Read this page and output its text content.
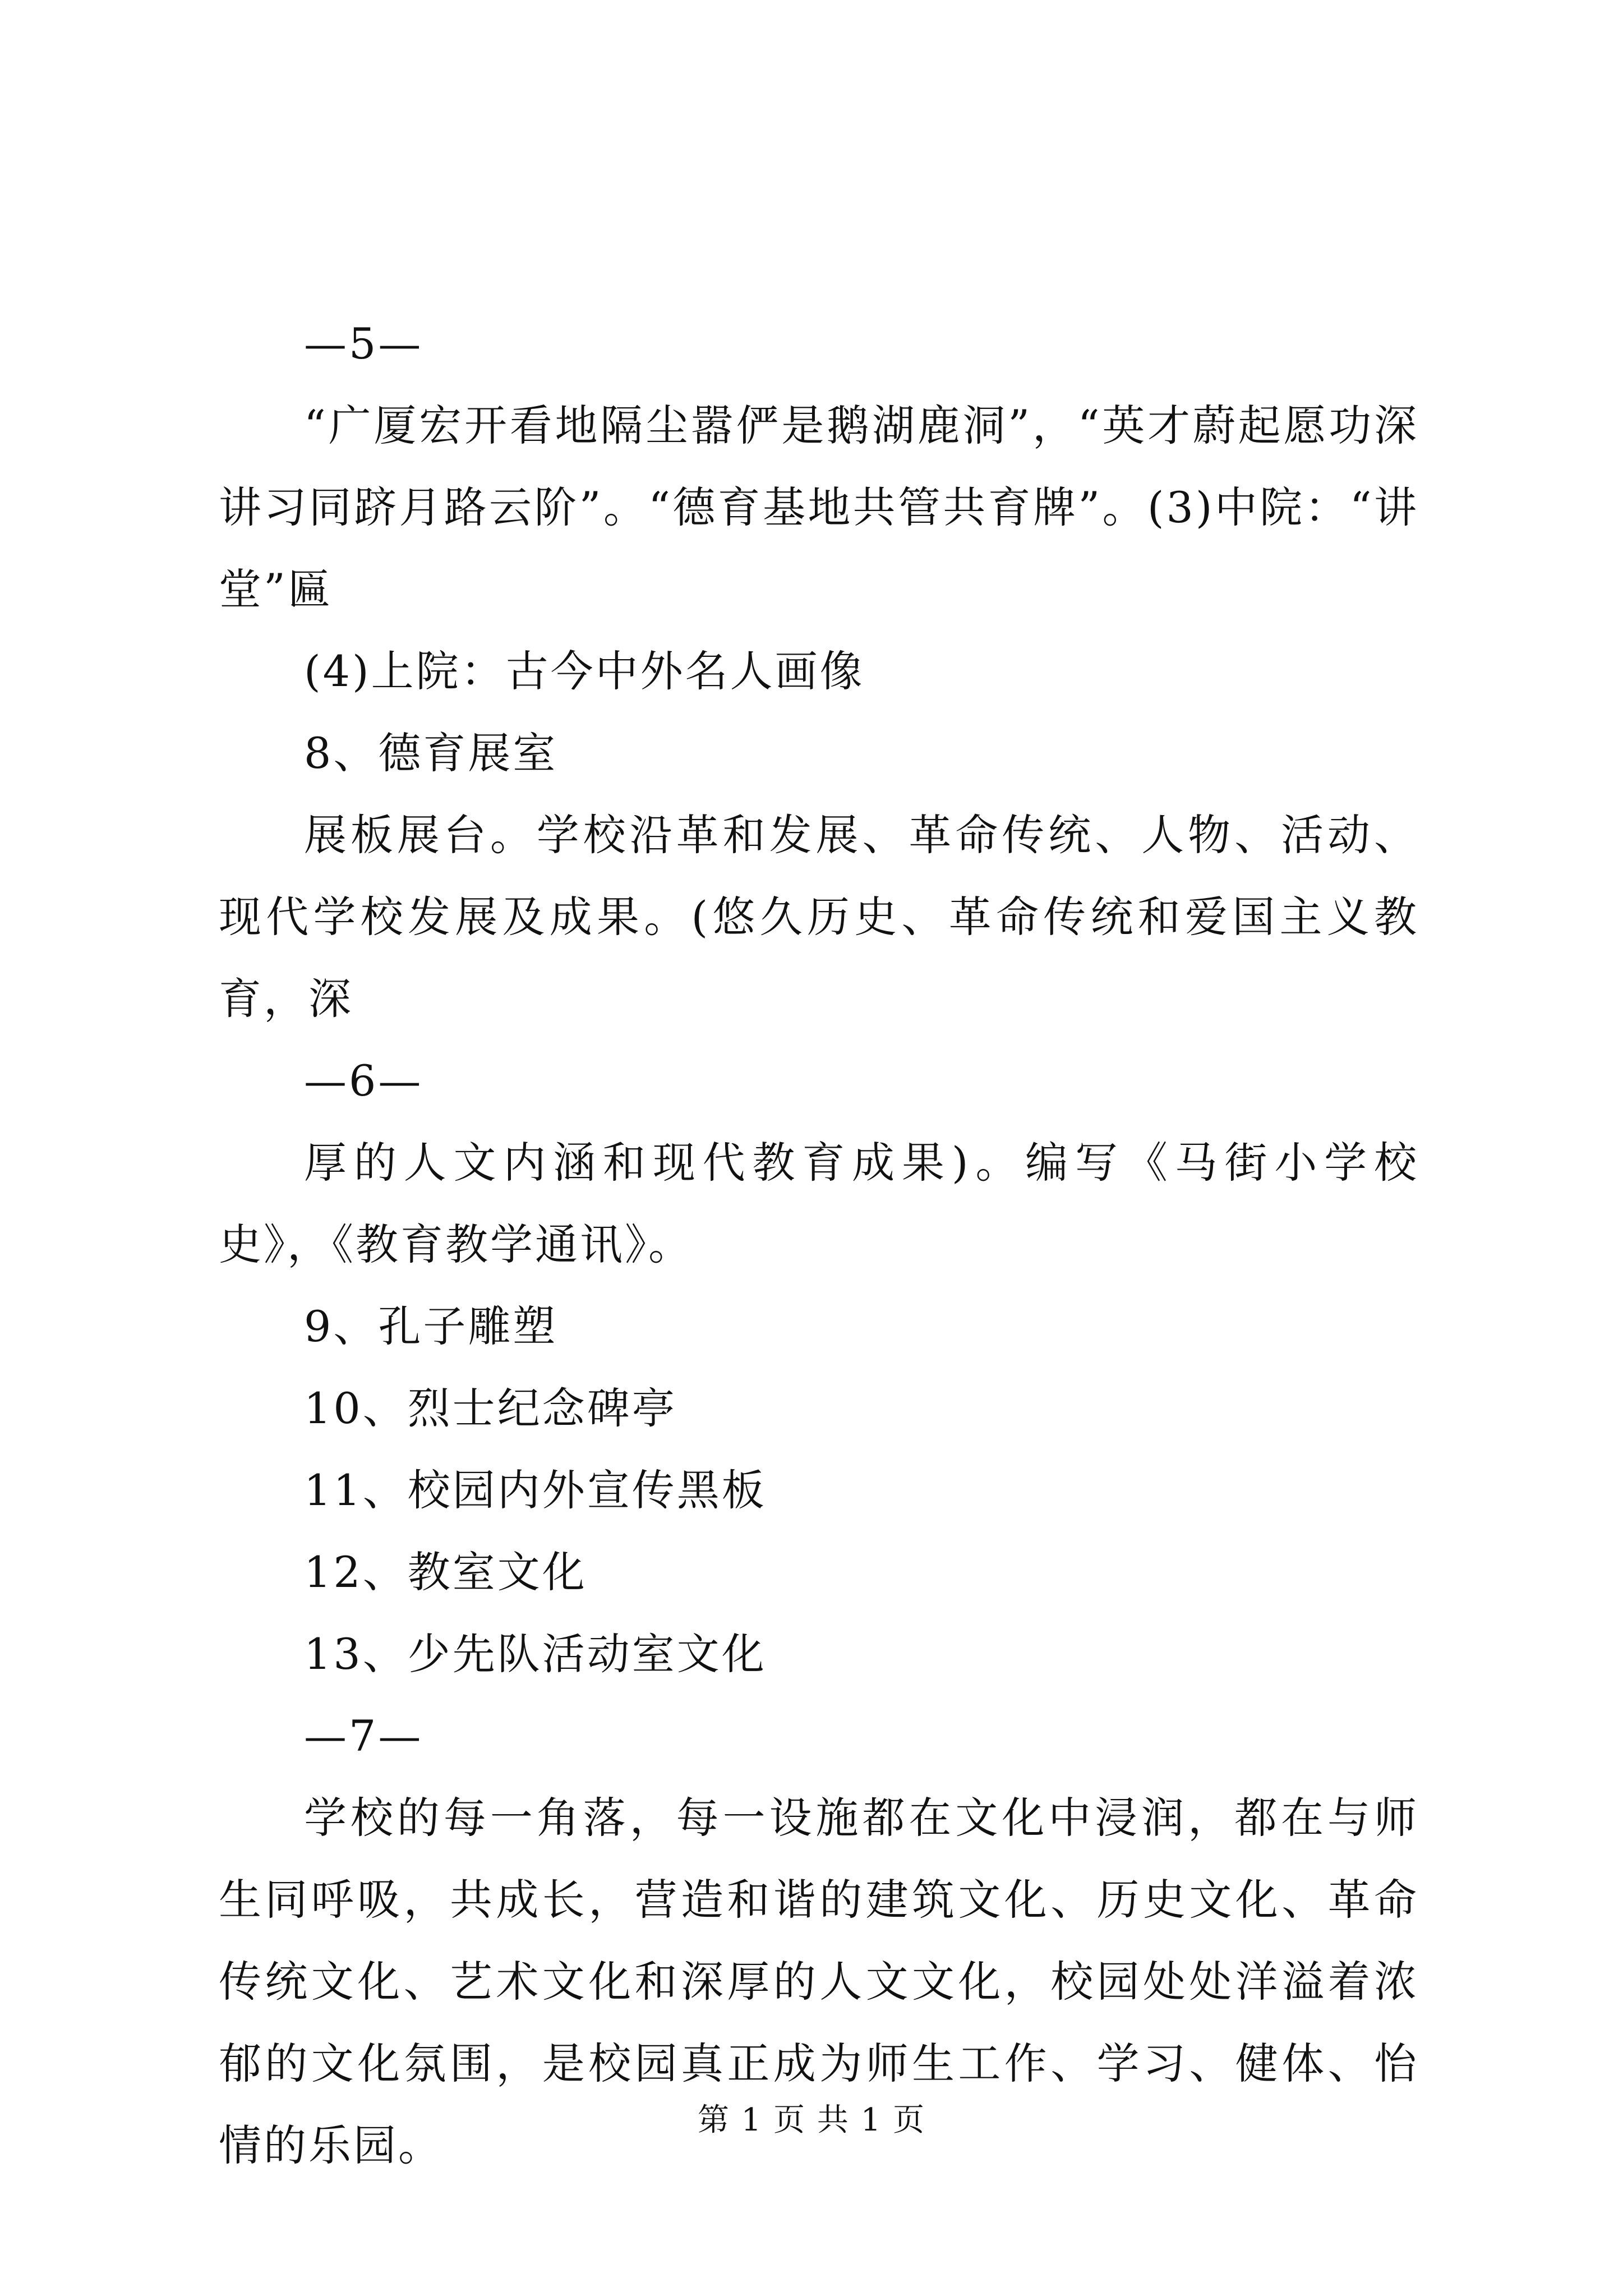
—5—

“广厦宏开看地隔尘嚣俨是鹅湖鹿洞”，“英才蔚起愿功深讲习同跻月路云阶”。“德育基地共管共育牌”。(3)中院：“讲堂”匾

(4)上院：古今中外名人画像

8、德育展室

展板展台。学校沿革和发展、革命传统、人物、活动、现代学校发展及成果。(悠久历史、革命传统和爱国主义教育，深

—6—

厚的人文内涵和现代教育成果)。编写《马街小学校史》，《教育教学通讯》。

9、孔子雕塑

10、烈士纪念碑亭

11、校园内外宣传黑板

12、教室文化

13、少先队活动室文化

—7—

学校的每一角落，每一设施都在文化中浸润，都在与师生同呼吸，共成长，营造和谐的建筑文化、历史文化、革命传统文化、艺术文化和深厚的人文文化，校园处处洋溢着浓郁的文化氛围，是校园真正成为师生工作、学习、健体、怡情的乐园。

第 1 页 共 1 页
